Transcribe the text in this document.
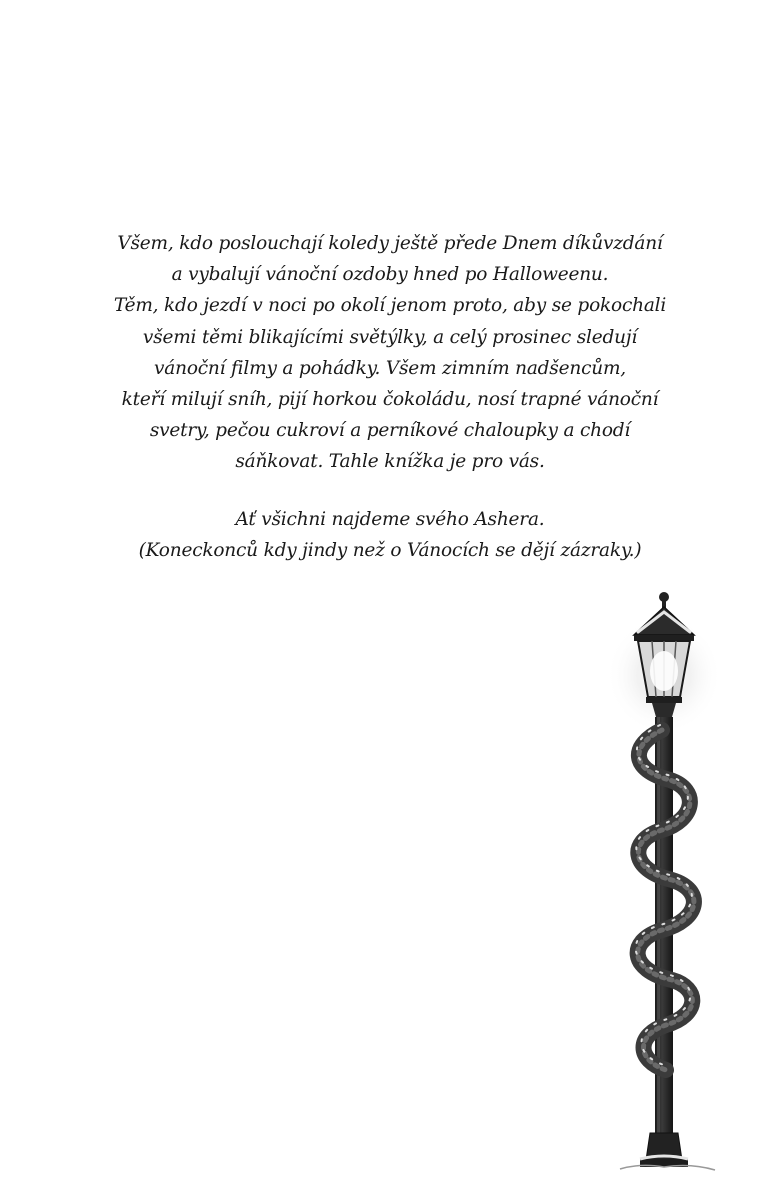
Všem, kdo poslouchají koledy ještě přede Dnem díkůvzdání
a vybalují vánoční ozdoby hned po Halloweenu.
Těm, kdo jezdí v noci po okolí jenom proto, aby se pokochali
všemi těmi blikajícími světýlky, a celý prosinec sledují
vánoční filmy a pohádky. Všem zimním nadšencům,
kteří milují sníh, pijí horkou čokoládu, nosí trapné vánoční
svetry, pečou cukroví a perníkové chaloupky a chodí
sáňkovat. Tahle knížka je pro vás.
Ať všichni najdeme svého Ashera.
(Koneckonců kdy jindy než o Vánocích se dějí zázraky.)
